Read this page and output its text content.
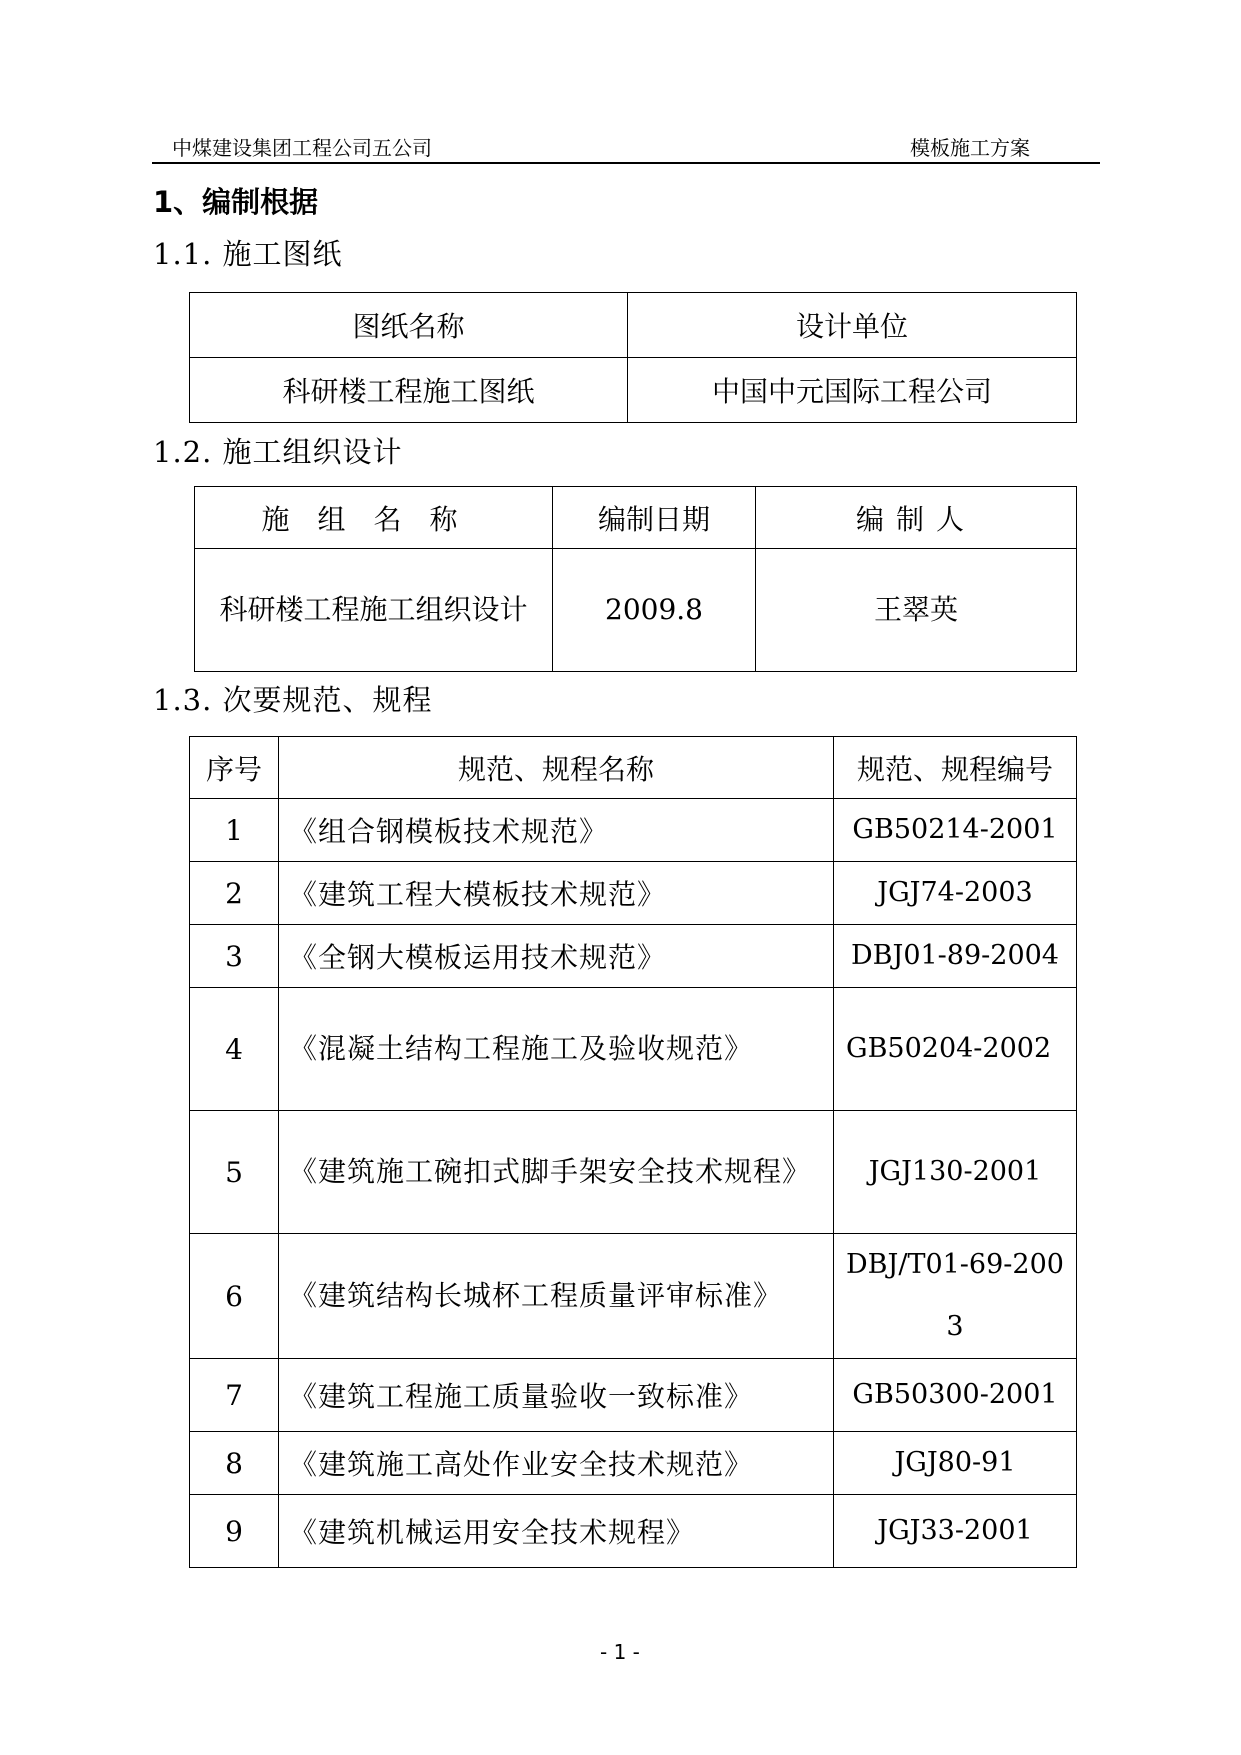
中煤建设集团工程公司五公司	模板施工方案
1、编制根据
1.1. 施工图纸
图纸名称	设计单位
科研楼工程施工图纸	中国中元国际工程公司
1.2. 施工组织设计
施组名称	编制日期	编制人
科研楼工程施工组织设计	2009.8	王翠英
1.3. 次要规范、规程
序号	规范、规程名称	规范、规程编号
1	《组合钢模板技术规范》	GB50214-2001
2	《建筑工程大模板技术规范》	JGJ74-2003
3	《全钢大模板运用技术规范》	DBJ01-89-2004
4	《混凝土结构工程施工及验收规范》	GB50204-2002
5	《建筑施工碗扣式脚手架安全技术规程》	JGJ130-2001
6	《建筑结构长城杯工程质量评审标准》	DBJ/T01-69-2003
7	《建筑工程施工质量验收一致标准》	GB50300-2001
8	《建筑施工高处作业安全技术规范》	JGJ80-91
9	《建筑机械运用安全技术规程》	JGJ33-2001
- 1 -
